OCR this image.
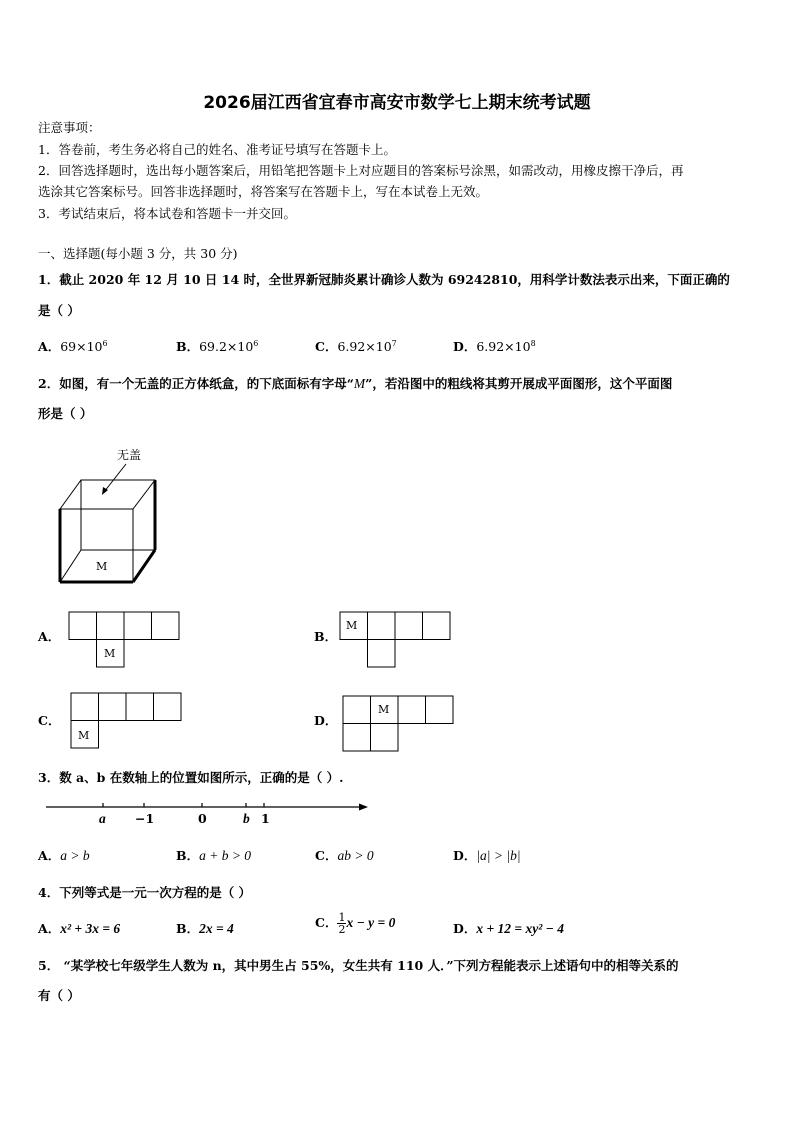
2026届江西省宜春市高安市数学七上期末统考试题
注意事项：
1．答卷前，考生务必将自己的姓名、准考证号填写在答题卡上。
2．回答选择题时，选出每小题答案后，用铅笔把答题卡上对应题目的答案标号涂黑，如需改动，用橡皮擦干净后，再
选涂其它答案标号。回答非选择题时，将答案写在答题卡上，写在本试卷上无效。
3．考试结束后，将本试卷和答题卡一并交回。
一、选择题(每小题 3 分，共 30 分)
1．截止 2020 年 12 月 10 日 14 时，全世界新冠肺炎累计确诊人数为 69242810，用科学计数法表示出来，下面正确的
是（ ）
A．$69\times 10^6$	B．$69.2\times 10^6$	C．$6.92\times 10^7$	D．$6.92\times 10^8$
2．如图，有一个无盖的正方体纸盒，的下底面标有字母“M”，若沿图中的粗线将其剪开展成平面图形，这个平面图
形是（ ）
无盖
M
A．
M
B．
M
C．
M
D．
M
3．数 a、b 在数轴上的位置如图所示，正确的是（ ）.
a −1	0	b 1
A．a > b	B．a + b > 0	C．ab > 0	D．|a| > |b|
4．下列等式是一元一次方程的是（ ）
A．x² + 3x = 6	B．2x = 4	C． $\frac{1}{2}$ x − y = 0	D．x + 12 = xy² − 4
5． “某学校七年级学生人数为 n，其中男生占 55%，女生共有 110 人．”下列方程能表示上述语句中的相等关系的
有（ ）
